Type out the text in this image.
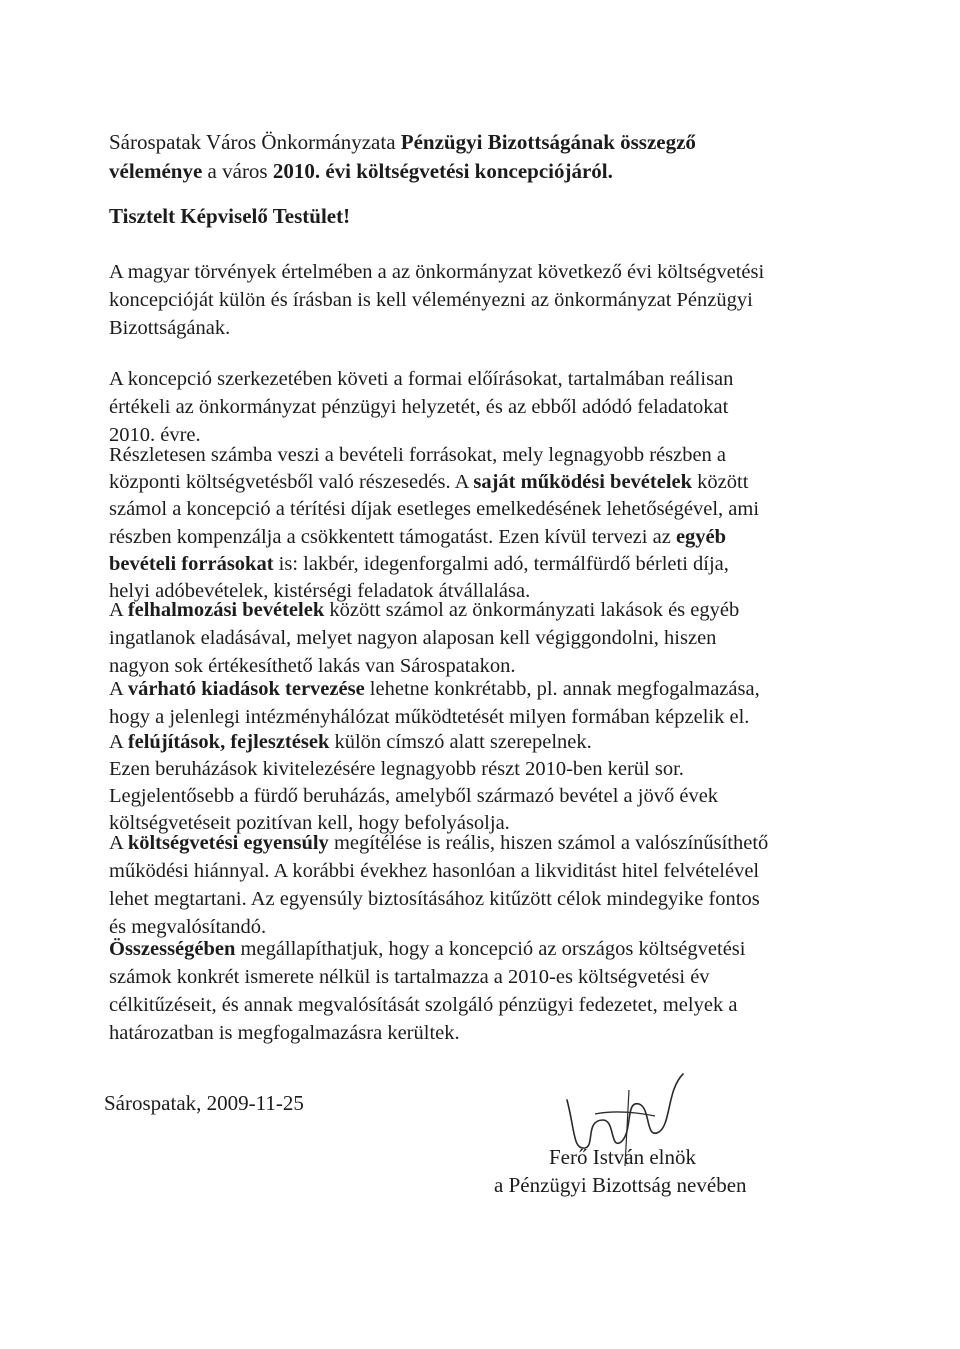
Sárospatak Város Önkormányzata Pénzügyi Bizottságának összegző
véleménye a város 2010. évi költségvetési koncepciójáról.
Tisztelt Képviselő Testület!
A magyar törvények értelmében a az önkormányzat következő évi költségvetési
koncepcióját külön és írásban is kell véleményezni az önkormányzat Pénzügyi
Bizottságának.
A koncepció szerkezetében követi a formai előírásokat, tartalmában reálisan
értékeli az önkormányzat pénzügyi helyzetét, és az ebből adódó feladatokat
2010. évre.
Részletesen számba veszi a bevételi forrásokat, mely legnagyobb részben a
központi költségvetésből való részesedés. A saját működési bevételek között
számol a koncepció a térítési díjak esetleges emelkedésének lehetőségével, ami
részben kompenzálja a csökkentett támogatást. Ezen kívül tervezi az egyéb
bevételi forrásokat is: lakbér, idegenforgalmi adó, termálfürdő bérleti díja,
helyi adóbevételek, kistérségi feladatok átvállalása.
A felhalmozási bevételek között számol az önkormányzati lakások és egyéb
ingatlanok eladásával, melyet nagyon alaposan kell végiggondolni, hiszen
nagyon sok értékesíthető lakás van Sárospatakon.
A várható kiadások tervezése lehetne konkrétabb, pl. annak megfogalmazása,
hogy a jelenlegi intézményhálózat működtetését milyen formában képzelik el.
A felújítások, fejlesztések külön címszó alatt szerepelnek.
Ezen beruházások kivitelezésére legnagyobb részt 2010-ben kerül sor.
Legjelentősebb a fürdő beruházás, amelyből származó bevétel a jövő évek
költségvetéseit pozitívan kell, hogy befolyásolja.
A költségvetési egyensúly megítélése is reális, hiszen számol a valószínűsíthető
működési hiánnyal. A korábbi évekhez hasonlóan a likviditást hitel felvételével
lehet megtartani. Az egyensúly biztosításához kitűzött célok mindegyike fontos
és megvalósítandó.
Összességében megállapíthatjuk, hogy a koncepció az országos költségvetési
számok konkrét ismerete nélkül is tartalmazza a 2010-es költségvetési év
célkitűzéseit, és annak megvalósítását szolgáló pénzügyi fedezetet, melyek a
határozatban is megfogalmazásra kerültek.
Sárospatak, 2009-11-25
Ferő István elnök
a Pénzügyi Bizottság nevében
